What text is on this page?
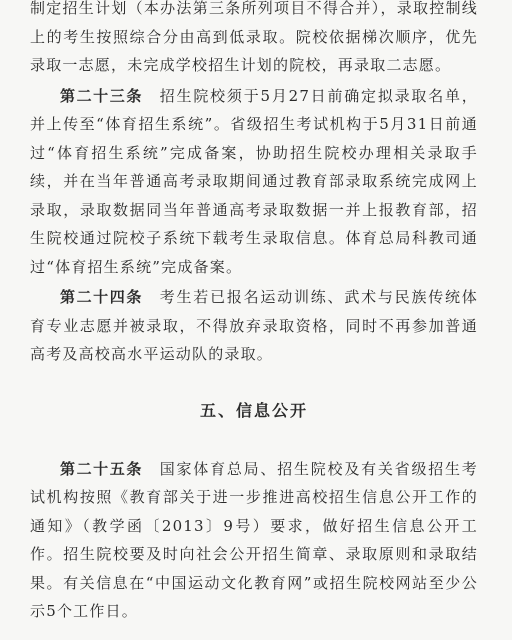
制定招生计划（本办法第三条所列项目不得合并），录取控制线上的考生按照综合分由高到低录取。院校依据梯次顺序，优先录取一志愿，未完成学校招生计划的院校，再录取二志愿。

第二十三条　 招生院校须于5月27日前确定拟录取名单，并上传至“体育招生系统”。省级招生考试机构于5月31日前通过“体育招生系统”完成备案，协助招生院校办理相关录取手续，并在当年普通高考录取期间通过教育部录取系统完成网上录取，录取数据同当年普通高考录取数据一并上报教育部，招生院校通过院校子系统下载考生录取信息。体育总局科教司通过“体育招生系统”完成备案。

第二十四条　 考生若已报名运动训练、武术与民族传统体育专业志愿并被录取，不得放弃录取资格，同时不再参加普通高考及高校高水平运动队的录取。

五、信息公开

第二十五条　 国家体育总局、招生院校及有关省级招生考试机构按照《教育部关于进一步推进高校招生信息公开工作的通知》（教学函〔2013〕9号）要求，做好招生信息公开工作。招生院校要及时向社会公开招生简章、录取原则和录取结果。有关信息在“中国运动文化教育网”或招生院校网站至少公示5个工作日。
